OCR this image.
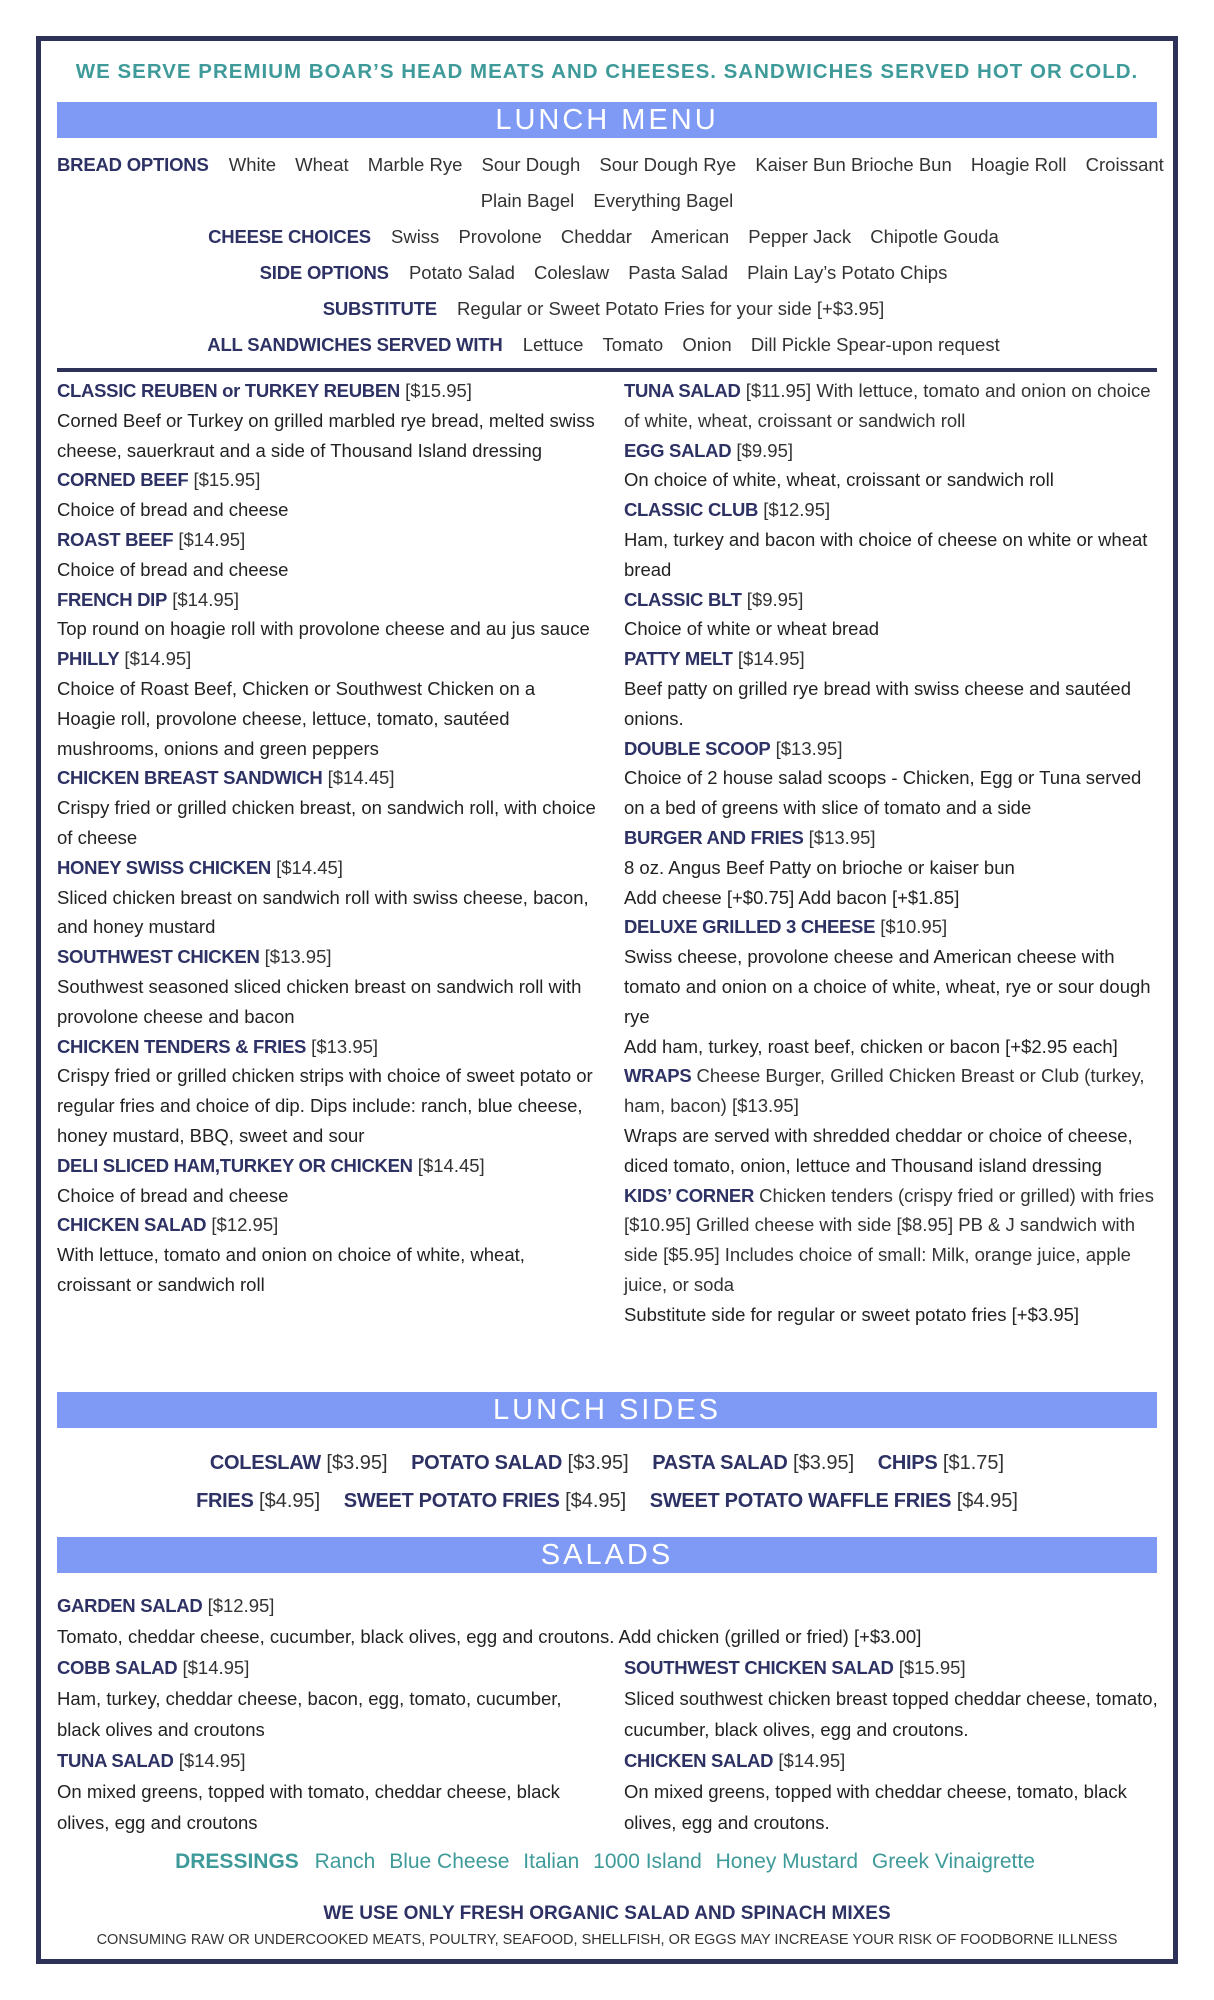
WE SERVE PREMIUM BOAR’S HEAD MEATS AND CHEESES. SANDWICHES SERVED HOT OR COLD.
LUNCH MENU
BREAD OPTIONS White Wheat Marble Rye Sour Dough Sour Dough Rye Kaiser Bun Brioche Bun Hoagie Roll Croissant
Plain Bagel Everything Bagel
CHEESE CHOICES Swiss Provolone Cheddar American Pepper Jack Chipotle Gouda
SIDE OPTIONS Potato Salad Coleslaw Pasta Salad Plain Lay’s Potato Chips
SUBSTITUTE Regular or Sweet Potato Fries for your side [+$3.95]
ALL SANDWICHES SERVED WITH Lettuce Tomato Onion Dill Pickle Spear-upon request

CLASSIC REUBEN or TURKEY REUBEN [$15.95]

Corned Beef or Turkey on grilled marbled rye bread, melted swiss cheese, sauerkraut and a side of Thousand Island dressing

CORNED BEEF [$15.95]

Choice of bread and cheese

ROAST BEEF [$14.95]

Choice of bread and cheese

FRENCH DIP [$14.95]

Top round on hoagie roll with provolone cheese and au jus sauce

PHILLY [$14.95]

Choice of Roast Beef, Chicken or Southwest Chicken on a Hoagie roll, provolone cheese, lettuce, tomato, sautéed mushrooms, onions and green peppers

CHICKEN BREAST SANDWICH [$14.45]

Crispy fried or grilled chicken breast, on sandwich roll, with choice of cheese

HONEY SWISS CHICKEN [$14.45]

Sliced chicken breast on sandwich roll with swiss cheese, bacon, and honey mustard

SOUTHWEST CHICKEN [$13.95]

Southwest seasoned sliced chicken breast on sandwich roll with provolone cheese and bacon

CHICKEN TENDERS & FRIES [$13.95]

Crispy fried or grilled chicken strips with choice of sweet potato or regular fries and choice of dip. Dips include: ranch, blue cheese, honey mustard, BBQ, sweet and sour

DELI SLICED HAM,TURKEY OR CHICKEN [$14.45]

Choice of bread and cheese

CHICKEN SALAD [$12.95]

With lettuce, tomato and onion on choice of white, wheat, croissant or sandwich roll

TUNA SALAD [$11.95] With lettuce, tomato and onion on choice of white, wheat, croissant or sandwich roll

EGG SALAD [$9.95]

On choice of white, wheat, croissant or sandwich roll

CLASSIC CLUB [$12.95]

Ham, turkey and bacon with choice of cheese on white or wheat bread

CLASSIC BLT [$9.95]

Choice of white or wheat bread

PATTY MELT [$14.95]

Beef patty on grilled rye bread with swiss cheese and sautéed onions.

DOUBLE SCOOP [$13.95]

Choice of 2 house salad scoops - Chicken, Egg or Tuna served on a bed of greens with slice of tomato and a side

BURGER AND FRIES [$13.95]

8 oz. Angus Beef Patty on brioche or kaiser bun

Add cheese [+$0.75] Add bacon [+$1.85]

DELUXE GRILLED 3 CHEESE [$10.95]

Swiss cheese, provolone cheese and American cheese with tomato and onion on a choice of white, wheat, rye or sour dough rye

Add ham, turkey, roast beef, chicken or bacon [+$2.95 each]

WRAPS Cheese Burger, Grilled Chicken Breast or Club (turkey, ham, bacon) [$13.95]

Wraps are served with shredded cheddar or choice of cheese, diced tomato, onion, lettuce and Thousand island dressing

KIDS’ CORNER Chicken tenders (crispy fried or grilled) with fries [$10.95] Grilled cheese with side [$8.95] PB & J sandwich with side [$5.95] Includes choice of small: Milk, orange juice, apple juice, or soda

Substitute side for regular or sweet potato fries [+$3.95]

LUNCH SIDES
COLESLAW [$3.95] POTATO SALAD [$3.95] PASTA SALAD [$3.95] CHIPS [$1.75]
FRIES [$4.95] SWEET POTATO FRIES [$4.95] SWEET POTATO WAFFLE FRIES [$4.95]
SALADS
GARDEN SALAD [$12.95]
Tomato, cheddar cheese, cucumber, black olives, egg and croutons. Add chicken (grilled or fried) [+$3.00]
COBB SALAD [$14.95]
Ham, turkey, cheddar cheese, bacon, egg, tomato, cucumber, black olives and croutons
TUNA SALAD [$14.95]
On mixed greens, topped with tomato, cheddar cheese, black olives, egg and croutons
SOUTHWEST CHICKEN SALAD [$15.95]
Sliced southwest chicken breast topped cheddar cheese, tomato, cucumber, black olives, egg and croutons.
CHICKEN SALAD [$14.95]
On mixed greens, topped with cheddar cheese, tomato, black olives, egg and croutons.
DRESSINGS Ranch Blue Cheese Italian 1000 Island Honey Mustard Greek Vinaigrette
WE USE ONLY FRESH ORGANIC SALAD AND SPINACH MIXES
CONSUMING RAW OR UNDERCOOKED MEATS, POULTRY, SEAFOOD, SHELLFISH, OR EGGS MAY INCREASE YOUR RISK OF FOODBORNE ILLNESS
